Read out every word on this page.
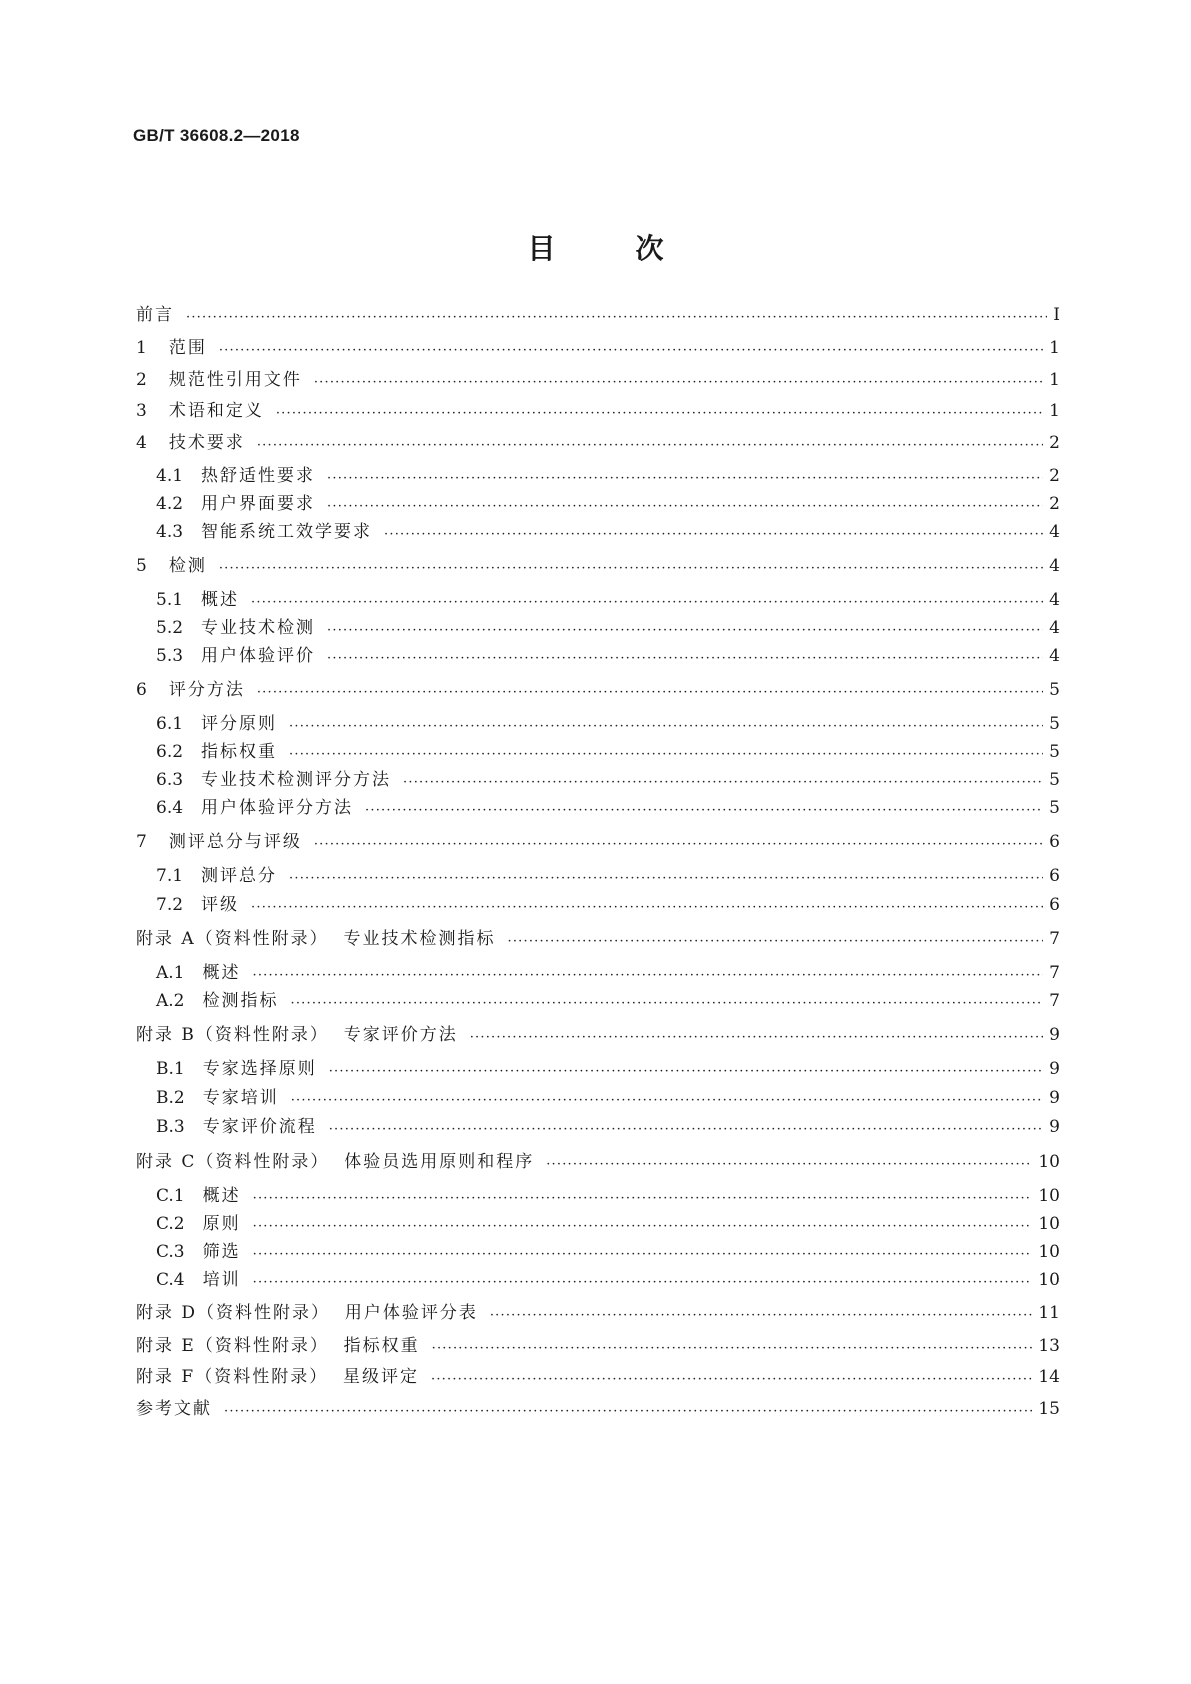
GB/T 36608.2—2018
目次
前言 ·····	Ⅰ
1 范围 ·····	1
2 规范性引用文件 ·····	1
3 术语和定义 ·····	1
4 技术要求 ·····	2
4.1 热舒适性要求 ·····	2
4.2 用户界面要求 ·····	2
4.3 智能系统工效学要求 ·····	4
5 检测 ·····	4
5.1 概述 ·····	4
5.2 专业技术检测 ·····	4
5.3 用户体验评价 ·····	4
6 评分方法 ·····	5
6.1 评分原则 ·····	5
6.2 指标权重 ·····	5
6.3 专业技术检测评分方法 ·····	5
6.4 用户体验评分方法 ·····	5
7 测评总分与评级 ·····	6
7.1 测评总分 ·····	6
7.2 评级 ·····	6
附录 A（资料性附录）  专业技术检测指标 ·····	7
A.1 概述 ·····	7
A.2 检测指标 ·····	7
附录 B（资料性附录）  专家评价方法 ·····	9
B.1 专家选择原则 ·····	9
B.2 专家培训 ·····	9
B.3 专家评价流程 ·····	9
附录 C（资料性附录）  体验员选用原则和程序 ·····	10
C.1 概述 ·····	10
C.2 原则 ·····	10
C.3 筛选 ·····	10
C.4 培训 ·····	10
附录 D（资料性附录）  用户体验评分表 ·····	11
附录 E（资料性附录）  指标权重 ·····	13
附录 F（资料性附录）  星级评定 ·····	14
参考文献 ·····	15
